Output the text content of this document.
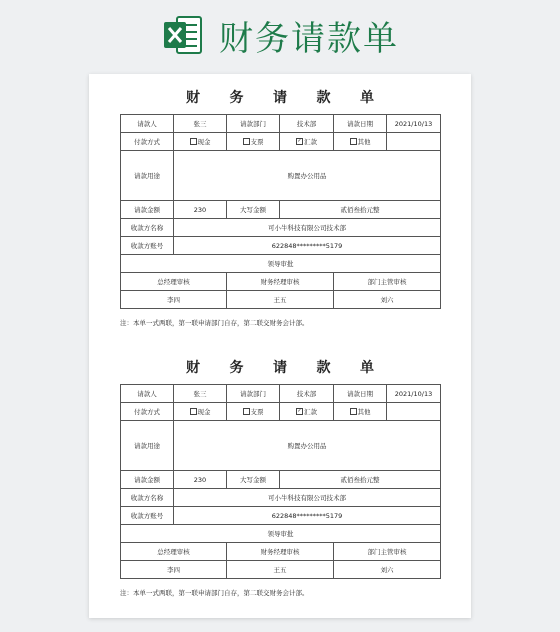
财务请款单
财 务 请 款 单
请款人	张三	请款部门	技术部	请款日期	2021/10/13
付款方式	现金	支票	✓ 汇款	其他	
请款用途	购置办公用品				
请款金额	230	大写金额	贰佰叁拾元整		
收款方名称	可小牛科技有限公司技术部				
收款方账号	622848*********5179				
领导审批					
总经理审核		财务经理审核		部门主管审核	
李四		王五		刘六	
注：本单一式两联，第一联申请部门自存，第二联交财务会计部。
财 务 请 款 单
请款人	张三	请款部门	技术部	请款日期	2021/10/13
付款方式	现金	支票	✓ 汇款	其他	
请款用途	购置办公用品				
请款金额	230	大写金额	贰佰叁拾元整		
收款方名称	可小牛科技有限公司技术部				
收款方账号	622848*********5179				
领导审批					
总经理审核		财务经理审核		部门主管审核	
李四		王五		刘六	
注：本单一式两联，第一联申请部门自存，第二联交财务会计部。
